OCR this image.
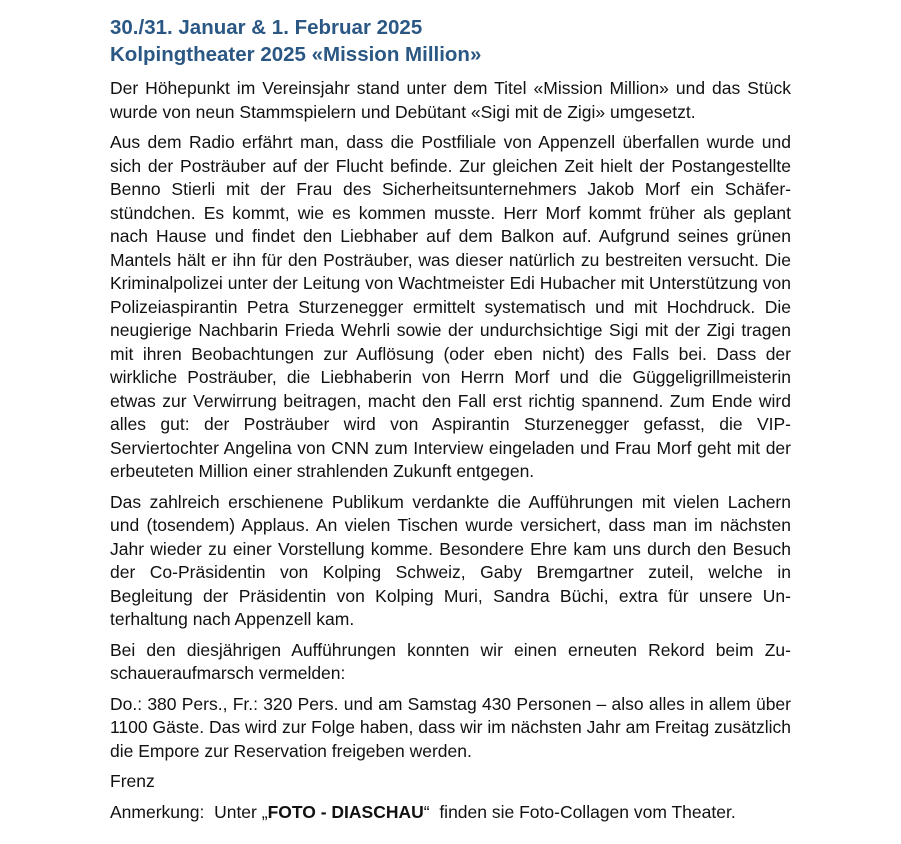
30./31. Januar & 1. Februar 2025
Kolpingtheater 2025 «Mission Million»

Der Höhepunkt im Vereinsjahr stand unter dem Titel «Mission Million» und das Stück wurde von neun Stammspielern und Debütant «Sigi mit de Zigi» umgesetzt.

Aus dem Radio erfährt man, dass die Postfiliale von Appenzell überfallen wurde und sich der Posträuber auf der Flucht befinde. Zur gleichen Zeit hielt der Postangestellte Benno Stierli mit der Frau des Sicherheitsunternehmers Jakob Morf ein Schäferstündchen. Es kommt, wie es kommen musste. Herr Morf kommt früher als geplant nach Hause und findet den Liebhaber auf dem Balkon auf. Aufgrund seines grünen Mantels hält er ihn für den Posträuber, was dieser natürlich zu bestreiten versucht. Die Kriminalpolizei unter der Leitung von Wachtmeister Edi Hubacher mit Unterstützung von Polizeiaspirantin Petra Sturzenegger ermittelt systematisch und mit Hochdruck. Die neugierige Nachbarin Frieda Wehrli sowie der undurchsichtige Sigi mit der Zigi tragen mit ihren Beobachtungen zur Auflösung (oder eben nicht) des Falls bei. Dass der wirkliche Posträuber, die Liebhaberin von Herrn Morf und die Güggeligrillmeisterin etwas zur Verwirrung beitragen, macht den Fall erst richtig spannend. Zum Ende wird alles gut: der Posträuber wird von Aspirantin Sturzenegger gefasst, die VIP-Serviertochter Angelina von CNN zum Interview eingeladen und Frau Morf geht mit der erbeuteten Million einer strahlenden Zukunft entgegen.

Das zahlreich erschienene Publikum verdankte die Aufführungen mit vielen Lachern und (tosendem) Applaus. An vielen Tischen wurde versichert, dass man im nächsten Jahr wieder zu einer Vorstellung komme. Besondere Ehre kam uns durch den Besuch der Co-Präsidentin von Kolping Schweiz, Gaby Bremgartner zuteil, welche in Begleitung der Präsidentin von Kolping Muri, Sandra Büchi, extra für unsere Unterhaltung nach Appenzell kam.

Bei den diesjährigen Aufführungen konnten wir einen erneuten Rekord beim Zuschaueraufmarsch vermelden:

Do.: 380 Pers., Fr.: 320 Pers. und am Samstag 430 Personen – also alles in allem über 1100 Gäste. Das wird zur Folge haben, dass wir im nächsten Jahr am Freitag zusätzlich die Empore zur Reservation freigeben werden.

Frenz

Anmerkung:  Unter „FOTO - DIASCHAU“  finden sie Foto-Collagen vom Theater.
